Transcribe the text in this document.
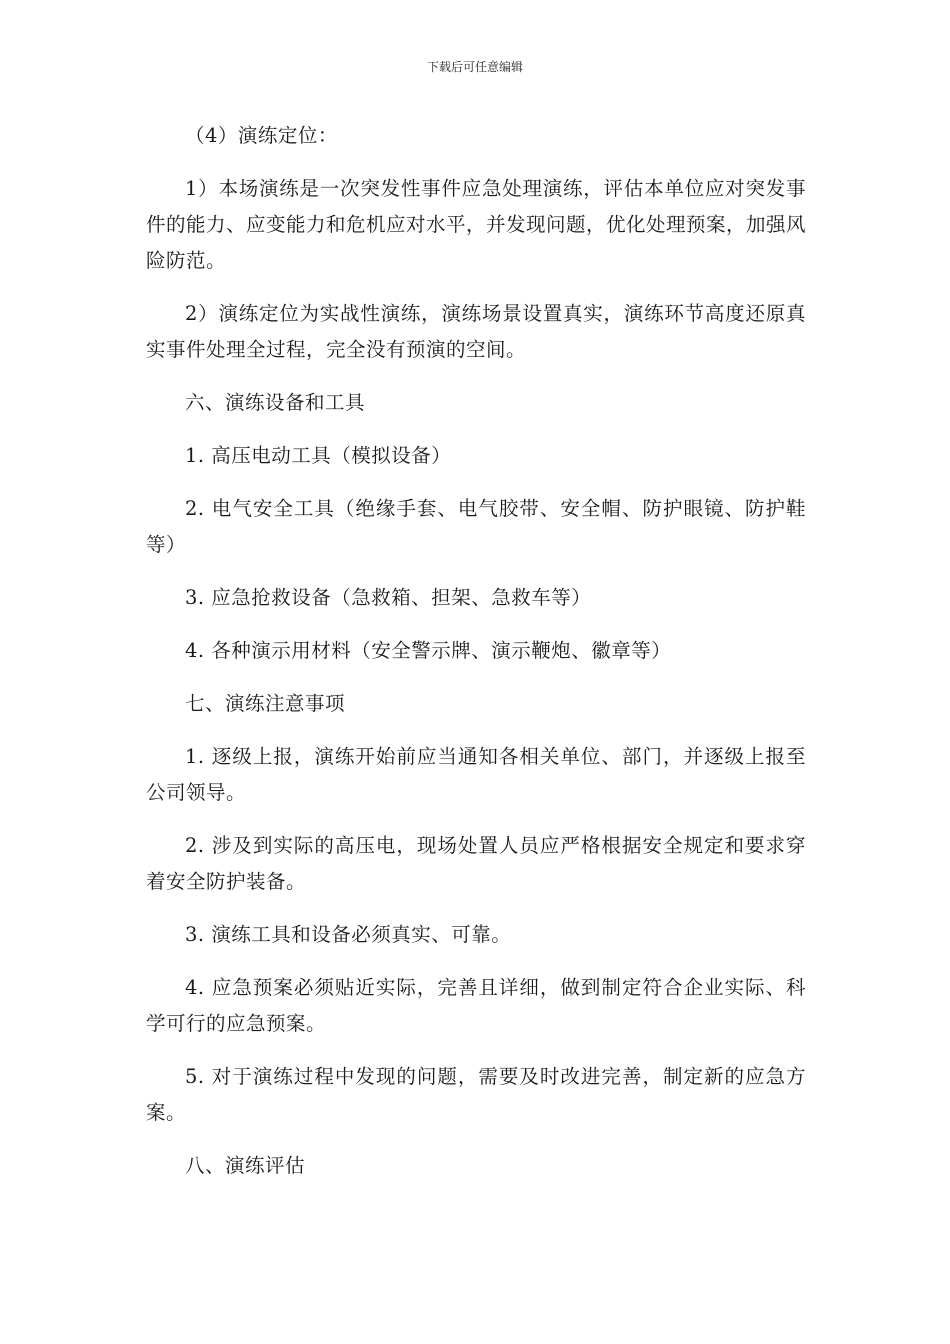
下载后可任意编辑

（4）演练定位：

1）本场演练是一次突发性事件应急处理演练，评估本单位应对突发事件的能力、应变能力和危机应对水平，并发现问题，优化处理预案，加强风险防范。

2）演练定位为实战性演练，演练场景设置真实，演练环节高度还原真实事件处理全过程，完全没有预演的空间。

六、演练设备和工具

1. 高压电动工具（模拟设备）

2. 电气安全工具（绝缘手套、电气胶带、安全帽、防护眼镜、防护鞋等）

3. 应急抢救设备（急救箱、担架、急救车等）

4. 各种演示用材料（安全警示牌、演示鞭炮、徽章等）

七、演练注意事项

1. 逐级上报，演练开始前应当通知各相关单位、部门，并逐级上报至公司领导。

2. 涉及到实际的高压电，现场处置人员应严格根据安全规定和要求穿着安全防护装备。

3. 演练工具和设备必须真实、可靠。

4. 应急预案必须贴近实际，完善且详细，做到制定符合企业实际、科学可行的应急预案。

5. 对于演练过程中发现的问题，需要及时改进完善，制定新的应急方案。

八、演练评估
